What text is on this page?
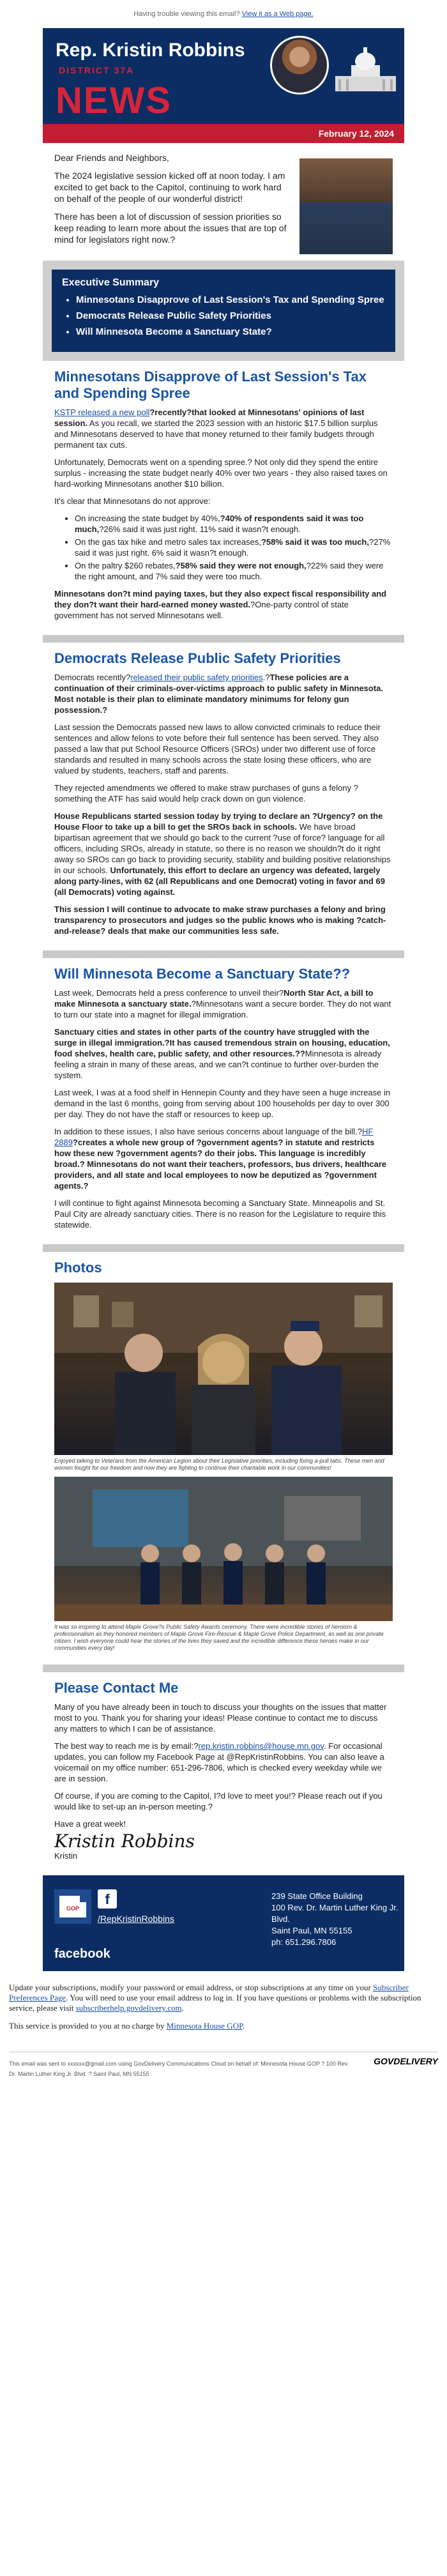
Having trouble viewing this email? View it as a Web page.
Rep. Kristin Robbins
DISTRICT 37A
NEWS
February 12, 2024

Dear Friends and Neighbors,

The 2024 legislative session kicked off at noon today. I am excited to get back to the Capitol, continuing to work hard on behalf of the people of our wonderful district!

There has been a lot of discussion of session priorities so keep reading to learn more about the issues that are top of mind for legislators right now.?

Executive Summary
• Minnesotans Disapprove of Last Session's Tax and Spending Spree
• Democrats Release Public Safety Priorities
• Will Minnesota Become a Sanctuary State?
Minnesotans Disapprove of Last Session's Tax and Spending Spree

KSTP released a new poll?recently?that looked at Minnesotans' opinions of last session. As you recall, we started the 2023 session with an historic $17.5 billion surplus and Minnesotans deserved to have that money returned to their family budgets through permanent tax cuts.

Unfortunately, Democrats went on a spending spree.? Not only did they spend the entire surplus - increasing the state budget nearly 40% over two years - they also raised taxes on hard-working Minnesotans another $10 billion.

It's clear that Minnesotans do not approve:

• On increasing the state budget by 40%,?40% of respondents said it was too much,?26% said it was just right. 11% said it wasn?t enough.
• On the gas tax hike and metro sales tax increases,?58% said it was too much,?27% said it was just right. 6% said it wasn?t enough.
• On the paltry $260 rebates,?58% said they were not enough,?22% said they were the right amount, and 7% said they were too much.

Minnesotans don?t mind paying taxes, but they also expect fiscal responsibility and they don?t want their hard-earned money wasted.?One-party control of state government has not served Minnesotans well.

Democrats Release Public Safety Priorities

Democrats recently?released their public safety priorities.?These policies are a continuation of their criminals-over-victims approach to public safety in Minnesota. Most notable is their plan to eliminate mandatory minimums for felony gun possession.?

Last session the Democrats passed new laws to allow convicted criminals to reduce their sentences and allow felons to vote before their full sentence has been served. They also passed a law that put School Resource Officers (SROs) under two different use of force standards and resulted in many schools across the state losing these officers, who are valued by students, teachers, staff and parents.

They rejected amendments we offered to make straw purchases of guns a felony ?something the ATF has said would help crack down on gun violence.

House Republicans started session today by trying to declare an ?Urgency? on the House Floor to take up a bill to get the SROs back in schools. We have broad bipartisan agreement that we should go back to the current ?use of force? language for all officers, including SROs, already in statute, so there is no reason we shouldn?t do it right away so SROs can go back to providing security, stability and building positive relationships in our schools. Unfortunately, this effort to declare an urgency was defeated, largely along party-lines, with 62 (all Republicans and one Democrat) voting in favor and 69 (all Democrats) voting against.

This session I will continue to advocate to make straw purchases a felony and bring transparency to prosecutors and judges so the public knows who is making ?catch-and-release? deals that make our communities less safe.

Will Minnesota Become a Sanctuary State??

Last week, Democrats held a press conference to unveil their?North Star Act, a bill to make Minnesota a sanctuary state.?Minnesotans want a secure border. They do not want to turn our state into a magnet for illegal immigration.

Sanctuary cities and states in other parts of the country have struggled with the surge in illegal immigration.?It has caused tremendous strain on housing, education, food shelves, health care, public safety, and other resources.??Minnesota is already feeling a strain in many of these areas, and we can?t continue to further over-burden the system.

Last week, I was at a food shelf in Hennepin County and they have seen a huge increase in demand in the last 6 months, going from serving about 100 households per day to over 300 per day. They do not have the staff or resources to keep up.

In addition to these issues, I also have serious concerns about language of the bill.?HF 2889?creates a whole new group of ?government agents? in statute and restricts how these new ?government agents? do their jobs. This language is incredibly broad.? Minnesotans do not want their teachers, professors, bus drivers, healthcare providers, and all state and local employees to now be deputized as ?government agents.?

I will continue to fight against Minnesota becoming a Sanctuary State. Minneapolis and St. Paul City are already sanctuary cities. There is no reason for the Legislature to require this statewide.

Photos
Enjoyed talking to Veterans from the American Legion about their Legislative priorities, including fixing a-pull tabs. These men and women fought for our freedom and now they are fighting to continue their charitable work in our communities!
It was so inspiring to attend Maple Grove?s Public Safety Awards ceremony. There were incredible stories of heroism & professionalism as they honored members of Maple Grove Fire-Rescue & Maple Grove Police Department, as well as one private citizen. I wish everyone could hear the stories of the lives they saved and the incredible difference these heroes make in our communities every day!
Please Contact Me

Many of you have already been in touch to discuss your thoughts on the issues that matter most to you. Thank you for sharing your ideas! Please continue to contact me to discuss any matters to which I can be of assistance.

The best way to reach me is by email:?rep.kristin.robbins@house.mn.gov. For occasional updates, you can follow my Facebook Page at @RepKristinRobbins. You can also leave a voicemail on my office number: 651-296-7806, which is checked every weekday while we are in session.

Of course, if you are coming to the Capitol, I?d love to meet you!? Please reach out if you would like to set-up an in-person meeting.?

Have a great week!

Kristin Robbins

Kristin

GOP
f
/RepKristinRobbins
facebook
239 State Office Building
100 Rev. Dr. Martin Luther King Jr. Blvd.
Saint Paul, MN 55155
ph: 651.296.7806

Update your subscriptions, modify your password or email address, or stop subscriptions at any time on your Subscriber Preferences Page. You will need to use your email address to log in. If you have questions or problems with the subscription service, please visit subscriberhelp.govdelivery.com.

This service is provided to you at no charge by Minnesota House GOP.

This email was sent to xxxxxx@gmail.com using GovDelivery Communications Cloud on behalf of: Minnesota House GOP ? 100 Rev. Dr. Martin Luther King Jr. Blvd. ? Saint Paul, MN 55155
GOVDELIVERY
